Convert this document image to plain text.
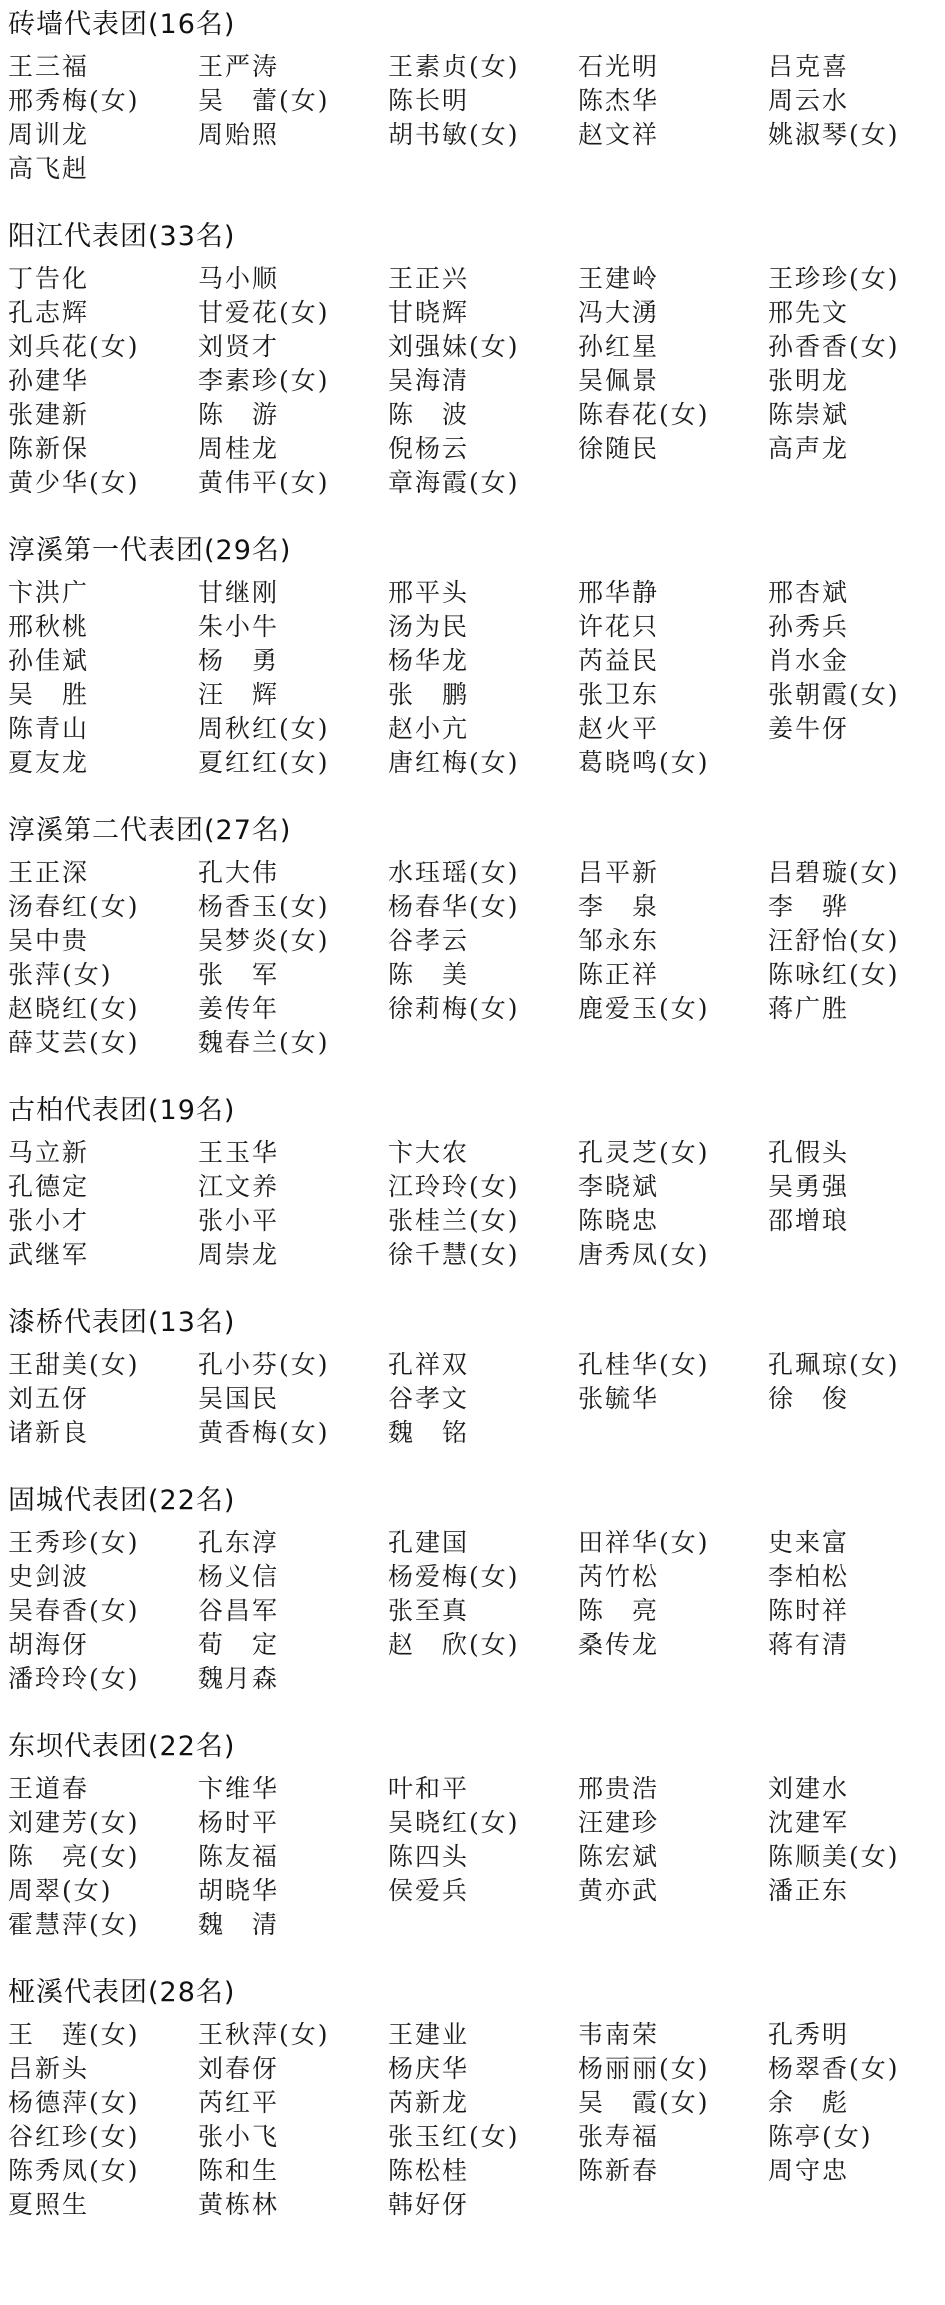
砖墙代表团(16名)
王三福	王严涛	王素贞(女)	石光明	吕克喜
邢秀梅(女)	吴　蕾(女)	陈长明	陈杰华	周云水
周训龙	周贻照	胡书敏(女)	赵文祥	姚淑琴(女)
高飞赳
阳江代表团(33名)
丁告化	马小顺	王正兴	王建岭	王珍珍(女)
孔志辉	甘爱花(女)	甘晓辉	冯大湧	邢先文
刘兵花(女)	刘贤才	刘强妹(女)	孙红星	孙香香(女)
孙建华	李素珍(女)	吴海清	吴佩景	张明龙
张建新	陈　游	陈　波	陈春花(女)	陈崇斌
陈新保	周桂龙	倪杨云	徐随民	高声龙
黄少华(女)	黄伟平(女)	章海霞(女)
淳溪第一代表团(29名)
卞洪广	甘继刚	邢平头	邢华静	邢杏斌
邢秋桃	朱小牛	汤为民	许花只	孙秀兵
孙佳斌	杨　勇	杨华龙	芮益民	肖水金
吴　胜	汪　辉	张　鹏	张卫东	张朝霞(女)
陈青山	周秋红(女)	赵小亢	赵火平	姜牛伢
夏友龙	夏红红(女)	唐红梅(女)	葛晓鸣(女)
淳溪第二代表团(27名)
王正深	孔大伟	水珏瑶(女)	吕平新	吕碧璇(女)
汤春红(女)	杨香玉(女)	杨春华(女)	李　泉	李　骅
吴中贵	吴梦炎(女)	谷孝云	邹永东	汪舒怡(女)
张萍(女)	张　军	陈　美	陈正祥	陈咏红(女)
赵晓红(女)	姜传年	徐莉梅(女)	鹿爱玉(女)	蒋广胜
薛艾芸(女)	魏春兰(女)
古柏代表团(19名)
马立新	王玉华	卞大农	孔灵芝(女)	孔假头
孔德定	江文养	江玲玲(女)	李晓斌	吴勇强
张小才	张小平	张桂兰(女)	陈晓忠	邵增琅
武继军	周崇龙	徐千慧(女)	唐秀凤(女)
漆桥代表团(13名)
王甜美(女)	孔小芬(女)	孔祥双	孔桂华(女)	孔珮琼(女)
刘五伢	吴国民	谷孝文	张毓华	徐　俊
诸新良	黄香梅(女)	魏　铭
固城代表团(22名)
王秀珍(女)	孔东淳	孔建国	田祥华(女)	史来富
史剑波	杨义信	杨爱梅(女)	芮竹松	李柏松
吴春香(女)	谷昌军	张至真	陈　亮	陈时祥
胡海伢	荀　定	赵　欣(女)	桑传龙	蒋有清
潘玲玲(女)	魏月森
东坝代表团(22名)
王道春	卞维华	叶和平	邢贵浩	刘建水
刘建芳(女)	杨时平	吴晓红(女)	汪建珍	沈建军
陈　亮(女)	陈友福	陈四头	陈宏斌	陈顺美(女)
周翠(女)	胡晓华	侯爱兵	黄亦武	潘正东
霍慧萍(女)	魏　清
桠溪代表团(28名)
王　莲(女)	王秋萍(女)	王建业	韦南荣	孔秀明
吕新头	刘春伢	杨庆华	杨丽丽(女)	杨翠香(女)
杨德萍(女)	芮红平	芮新龙	吴　霞(女)	余　彪
谷红珍(女)	张小飞	张玉红(女)	张寿福	陈亭(女)
陈秀凤(女)	陈和生	陈松桂	陈新春	周守忠
夏照生	黄栋林	韩好伢
